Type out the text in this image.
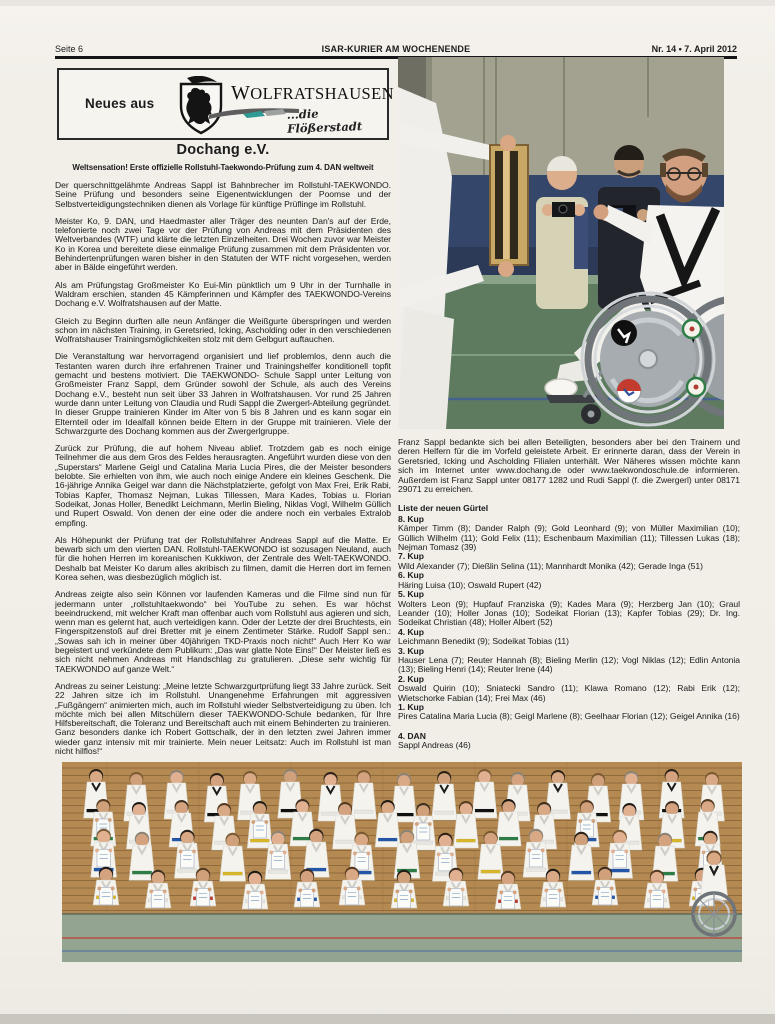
Seite 6	ISAR-KURIER AM WOCHENENDE	Nr. 14 • 7. April 2012
Neues aus	WOLFRATSHAUSEN
...die Flößerstadt
Dochang e.V.
Weltsensation! Erste offizielle Rollstuhl-Taekwondo-Prüfung zum 4. DAN weltweit

Der querschnittgelähmte Andreas Sappl ist Bahnbrecher im Rollstuhl-TAEKWONDO. Seine Prüfung und besonders seine Eigenentwicklungen der Poomse und der Selbstverteidigungstechniken dienen als Vorlage für künftige Prüflinge im Rollstuhl.

Meister Ko, 9. DAN, und Haedmaster aller Träger des neunten Dan's auf der Erde, telefonierte noch zwei Tage vor der Prüfung von Andreas mit dem Präsidenten des Weltverbandes (WTF) und klärte die letzten Einzelheiten. Drei Wochen zuvor war Meister Ko in Korea und bereitete diese einmalige Prüfung zusammen mit dem Präsidenten vor. Behindertenprüfungen waren bisher in den Statuten der WTF nicht vorgesehen, werden aber in Bälde eingeführt werden.

Als am Prüfungstag Großmeister Ko Eui-Min pünktlich um 9 Uhr in der Turnhalle in Waldram erschien, standen 45 Kämpferinnen und Kämpfer des TAEKWONDO-Vereins Dochang e.V. Wolfratshausen auf der Matte.

Gleich zu Beginn durften alle neun Anfänger die Weißgurte überspringen und werden schon im nächsten Training, in Geretsried, Icking, Ascholding oder in den verschiedenen Wolfratshauser Trainingsmöglichkeiten stolz mit dem Gelbgurt auftauchen.

Die Veranstaltung war hervorragend organisiert und lief problemlos, denn auch die Testanten waren durch ihre erfahrenen Trainer und Trainingshelfer konditionell topfit gemacht und bestens motiviert. Die TAEKWONDO- Schule Sappl unter Leitung von Großmeister Franz Sappl, dem Gründer sowohl der Schule, als auch des Vereins Dochang e.V., besteht nun seit über 33 Jahren in Wolfratshausen. Vor rund 25 Jahren wurde dann unter Leitung von Claudia und Rudi Sappl die Zwergerl-Abteilung gegründet. In dieser Gruppe trainieren Kinder im Alter von 5 bis 8 Jahren und es kann sogar ein Elternteil oder im Idealfall können beide Eltern in der Gruppe mit trainieren. Viele der Schwarzgurte des Dochang kommen aus der Zwergerlgruppe.

Zurück zur Prüfung, die auf hohem Niveau ablief. Trotzdem gab es noch einige Teilnehmer die aus dem Gros des Feldes herausragten. Angeführt wurden diese von den „Superstars“ Marlene Geigl und Catalina Maria Lucia Pires, die der Meister besonders belobte. Sie erhielten von ihm, wie auch noch einige Andere ein kleines Geschenk. Die 16-jährige Annika Geigel war dann die Nächstplatzierte, gefolgt von Max Frei, Erik Rabi, Tobias Kapfer, Thomasz Nejman, Lukas Tillessen, Mara Kades, Tobias u. Florian Sodeikat, Jonas Holler, Benedikt Leichmann, Merlin Bieling, Niklas Vogl, Wilhelm Güllich und Rupert Oswald. Von denen der eine oder die andere noch ein verbales Extralob empfing.

Als Höhepunkt der Prüfung trat der Rollstuhlfahrer Andreas Sappl auf die Matte. Er bewarb sich um den vierten DAN. Rollstuhl-TAEKWONDO ist sozusagen Neuland, auch für die hohen Herren im koreanischen Kukkiwon, der Zentrale des Welt-TAEKWONDO. Deshalb bat Meister Ko darum alles akribisch zu filmen, damit die Herren dort im fernen Korea sehen, was diesbezüglich möglich ist.

Andreas zeigte also sein Können vor laufenden Kameras und die Filme sind nun für jedermann unter „rollstuhltaekwondo“ bei YouTube zu sehen. Es war höchst beeindruckend, mit welcher Kraft man offenbar auch vom Rollstuhl aus agieren und sich, wenn man es gelernt hat, auch verteidigen kann. Oder der Letzte der drei Bruchtests, ein Fingerspitzenstoß auf drei Bretter mit je einem Zentimeter Stärke. Rudolf Sappl sen.: „Sowas sah ich in meiner über 40jährigen TKD-Praxis noch nicht!“ Auch Herr Ko war begeistert und verkündete dem Publikum: „Das war glatte Note Eins!“ Der Meister ließ es sich nicht nehmen Andreas mit Handschlag zu gratulieren. „Diese sehr wichtig für TAEKWONDO auf ganze Welt.“

Andreas zu seiner Leistung: „Meine letzte Schwarzgurtprüfung liegt 33 Jahre zurück. Seit 22 Jahren sitze ich im Rollstuhl. Unangenehme Erfahrungen mit aggressiven „Fußgängern“ animierten mich, auch im Rollstuhl wieder Selbstverteidigung zu üben. Ich möchte mich bei allen Mitschülern dieser TAEKWONDO-Schule bedanken, für Ihre Hilfsbereitschaft, die Toleranz und Bereitschaft auch mit einem Behinderten zu trainieren. Ganz besonders danke ich Robert Gottschalk, der in den letzten zwei Jahren immer wieder ganz intensiv mit mir trainierte. Mein neuer Leitsatz: Auch im Rollstuhl ist man nicht hilflos!“

Franz Sappl bedankte sich bei allen Beteiligten, besonders aber bei den Trainern und deren Helfern für die im Vorfeld geleistete Arbeit. Er erinnerte daran, dass der Verein in Geretsried, Icking und Ascholding Filialen unterhält. Wer Näheres wissen möchte kann sich im Internet unter www.dochang.de oder www.taekwondoschule.de informieren. Außerdem ist Franz Sappl unter 08177 1282 und Rudi Sappl (f. die Zwergerl) unter 08171 29071 zu erreichen.

Liste der neuen Gürtel
8. Kup
Kämper Timm (8); Dander Ralph (9); Gold Leonhard (9); von Müller Maximilian (10); Güllich Wilhelm (11); Gold Felix (11); Eschenbaum Maximilian (11); Tillessen Lukas (18); Nejman Tomasz (39)
7. Kup
Wild Alexander (7); Dießlin Selina (11); Mannhardt Monika (42); Gerade Inga (51)
6. Kup
Häring Luisa (10); Oswald Rupert (42)
5. Kup
Wolters Leon (9); Hupfauf Franziska (9); Kades Mara (9); Herzberg Jan (10); Graul Leander (10); Holler Jonas (10); Sodeikat Florian (13); Kapfer Tobias (29); Dr. Ing. Sodeikat Christian (48); Holler Albert (52)
4. Kup
Leichmann Benedikt (9); Sodeikat Tobias (11)
3. Kup
Hauser Lena (7); Reuter Hannah (8); Bieling Merlin (12); Vogl Niklas (12); Edlin Antonia (13); Bieling Henri (14); Reuter Irene (44)
2. Kup
Oswald Quirin (10); Sniatecki Sandro (11); Klawa Romano (12); Rabi Erik (12); Wietschorke Fabian (14); Frei Max (46)
1. Kup
Pires Catalina Maria Lucia (8); Geigl Marlene (8); Geelhaar Florian (12); Geigel Annika (16)
4. DAN
Sappl Andreas (46)
